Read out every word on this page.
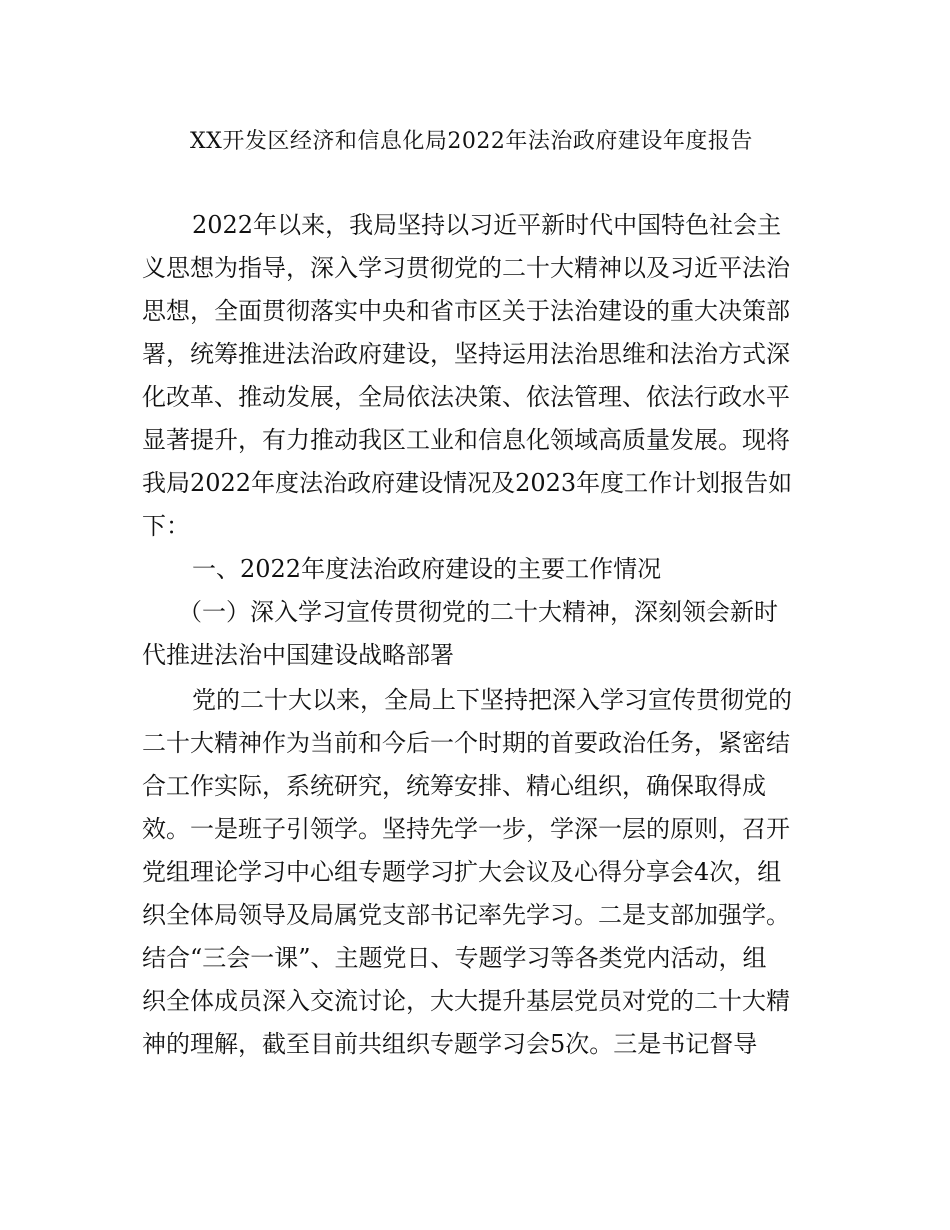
XX开发区经济和信息化局2022年法治政府建设年度报告

2022年以来，我局坚持以习近平新时代中国特色社会主

义思想为指导，深入学习贯彻党的二十大精神以及习近平法治

思想，全面贯彻落实中央和省市区关于法治建设的重大决策部

署，统筹推进法治政府建设，坚持运用法治思维和法治方式深

化改革、推动发展，全局依法决策、依法管理、依法行政水平

显著提升，有力推动我区工业和信息化领域高质量发展。现将

我局2022年度法治政府建设情况及2023年度工作计划报告如

下：

一、2022年度法治政府建设的主要工作情况

（一）深入学习宣传贯彻党的二十大精神，深刻领会新时

代推进法治中国建设战略部署

党的二十大以来，全局上下坚持把深入学习宣传贯彻党的

二十大精神作为当前和今后一个时期的首要政治任务，紧密结

合工作实际，系统研究，统筹安排、精心组织，确保取得成

效。一是班子引领学。坚持先学一步，学深一层的原则，召开

党组理论学习中心组专题学习扩大会议及心得分享会4次，组

织全体局领导及局属党支部书记率先学习。二是支部加强学。

结合“三会一课”、主题党日、专题学习等各类党内活动，组

织全体成员深入交流讨论，大大提升基层党员对党的二十大精

神的理解，截至目前共组织专题学习会5次。三是书记督导
